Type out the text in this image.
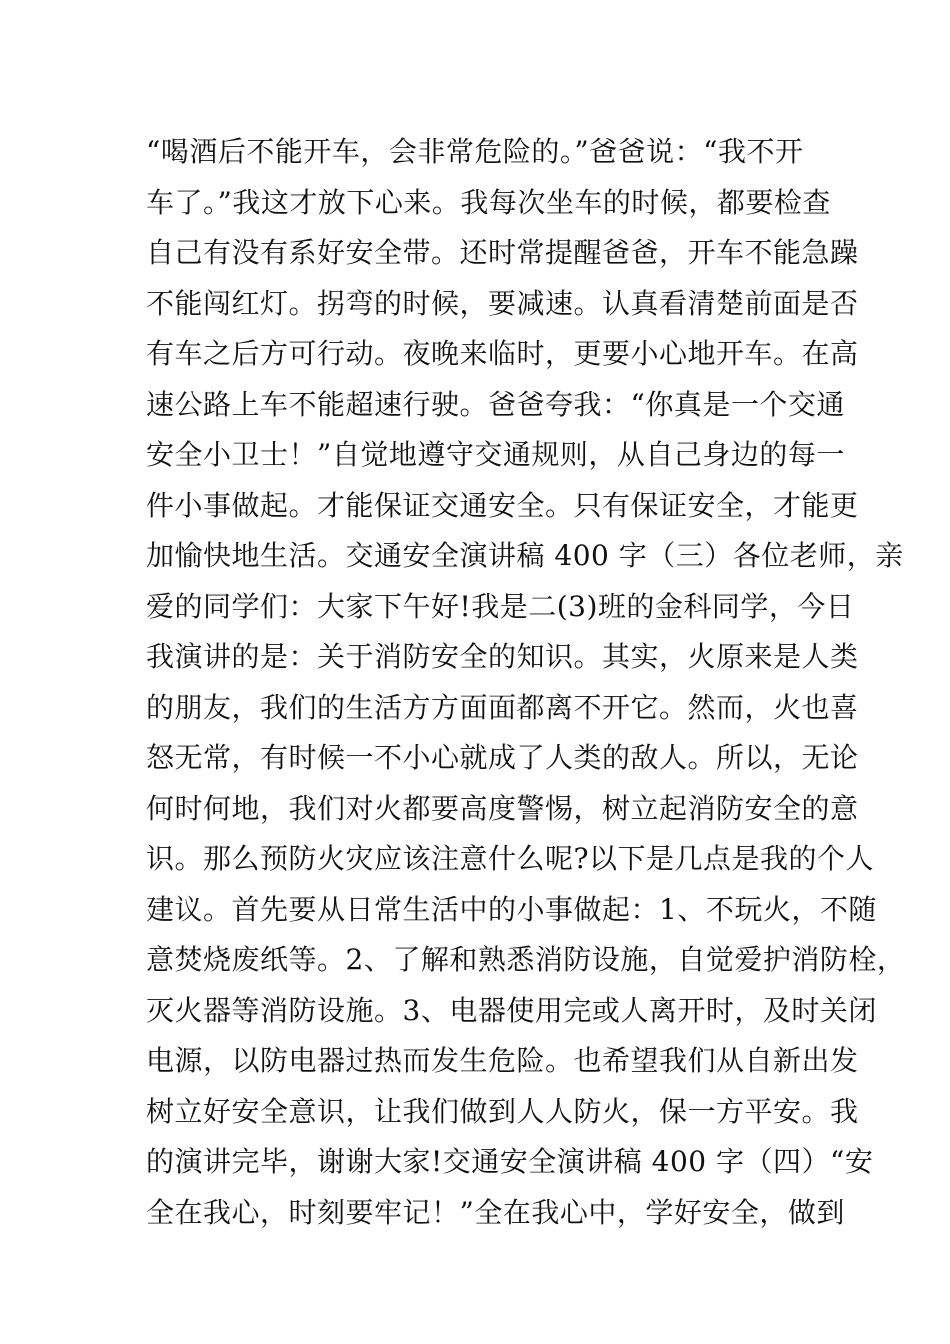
“喝酒后不能开车，会非常危险的。”爸爸说：“我不开
车了。”我这才放下心来。我每次坐车的时候，都要检查
自己有没有系好安全带。还时常提醒爸爸，开车不能急躁
不能闯红灯。拐弯的时候，要减速。认真看清楚前面是否
有车之后方可行动。夜晚来临时，更要小心地开车。在高
速公路上车不能超速行驶。爸爸夸我：“你真是一个交通
安全小卫士！”自觉地遵守交通规则，从自己身边的每一
件小事做起。才能保证交通安全。只有保证安全，才能更
加愉快地生活。交通安全演讲稿 400 字（三）各位老师，亲
爱的同学们：大家下午好!我是二(3)班的金科同学，今日
我演讲的是：关于消防安全的知识。其实，火原来是人类
的朋友，我们的生活方方面面都离不开它。然而，火也喜
怒无常，有时候一不小心就成了人类的敌人。所以，无论
何时何地，我们对火都要高度警惕，树立起消防安全的意
识。那么预防火灾应该注意什么呢?以下是几点是我的个人
建议。首先要从日常生活中的小事做起：1、不玩火，不随
意焚烧废纸等。2、了解和熟悉消防设施，自觉爱护消防栓，
灭火器等消防设施。3、电器使用完或人离开时，及时关闭
电源，以防电器过热而发生危险。也希望我们从自新出发
树立好安全意识，让我们做到人人防火，保一方平安。我
的演讲完毕，谢谢大家!交通安全演讲稿 400 字（四）“安
全在我心，时刻要牢记！”全在我心中，学好安全，做到
